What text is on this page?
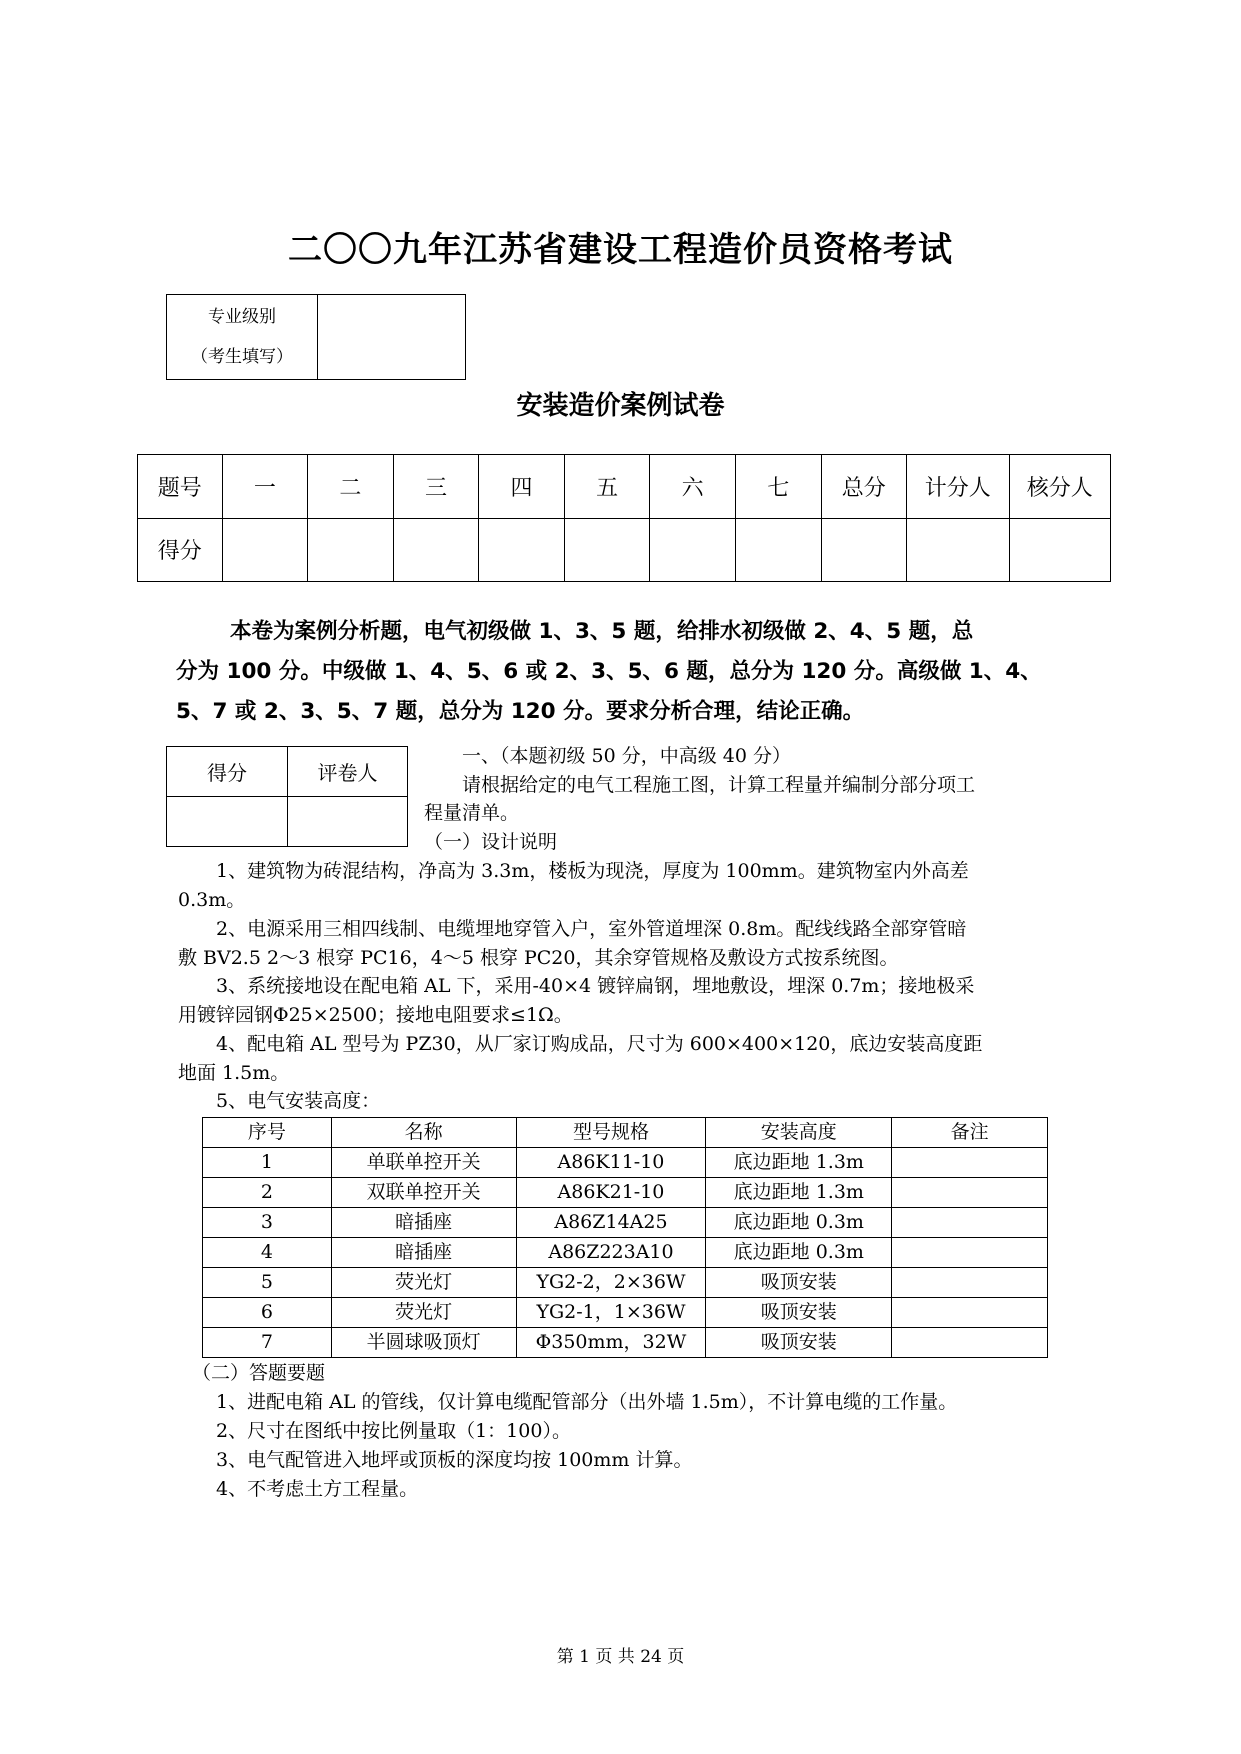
二〇〇九年江苏省建设工程造价员资格考试
专业级别
（考生填写）

安装造价案例试卷
题号	一	二	三	四	五	六	七	总分	计分人	核分人
得分										

本卷为案例分析题，电气初级做 1、3、5 题，给排水初级做 2、4、5 题，总

分为 100 分。中级做 1、4、5、6 或 2、3、5、6 题，总分为 120 分。高级做 1、4、

5、7 或 2、3、5、7 题，总分为 120 分。要求分析合理，结论正确。

得分	评卷人

一、（本题初级 50 分，中高级 40 分）
请根据给定的电气工程施工图，计算工程量并编制分部分项工
程量清单。
（一）设计说明
1、建筑物为砖混结构，净高为 3.3m，楼板为现浇，厚度为 100mm。建筑物室内外高差
0.3m。
2、电源采用三相四线制、电缆埋地穿管入户，室外管道埋深 0.8m。配线线路全部穿管暗
敷 BV2.5 2～3 根穿 PC16，4～5 根穿 PC20，其余穿管规格及敷设方式按系统图。
3、系统接地设在配电箱 AL 下，采用-40×4 镀锌扁钢，埋地敷设，埋深 0.7m；接地极采
用镀锌园钢Φ25×2500；接地电阻要求≤1Ω。
4、配电箱 AL 型号为 PZ30，从厂家订购成品，尺寸为 600×400×120，底边安装高度距
地面 1.5m。
5、电气安装高度：
序号	名称	型号规格	安装高度	备注
1	单联单控开关	A86K11-10	底边距地 1.3m	
2	双联单控开关	A86K21-10	底边距地 1.3m	
3	暗插座	A86Z14A25	底边距地 0.3m	
4	暗插座	A86Z223A10	底边距地 0.3m	
5	荧光灯	YG2-2，2×36W	吸顶安装	
6	荧光灯	YG2-1，1×36W	吸顶安装	
7	半圆球吸顶灯	Φ350mm，32W	吸顶安装	
（二）答题要题
1、进配电箱 AL 的管线，仅计算电缆配管部分（出外墙 1.5m），不计算电缆的工作量。
2、尺寸在图纸中按比例量取（1：100）。
3、电气配管进入地坪或顶板的深度均按 100mm 计算。
4、不考虑土方工程量。
第 1 页 共 24 页
